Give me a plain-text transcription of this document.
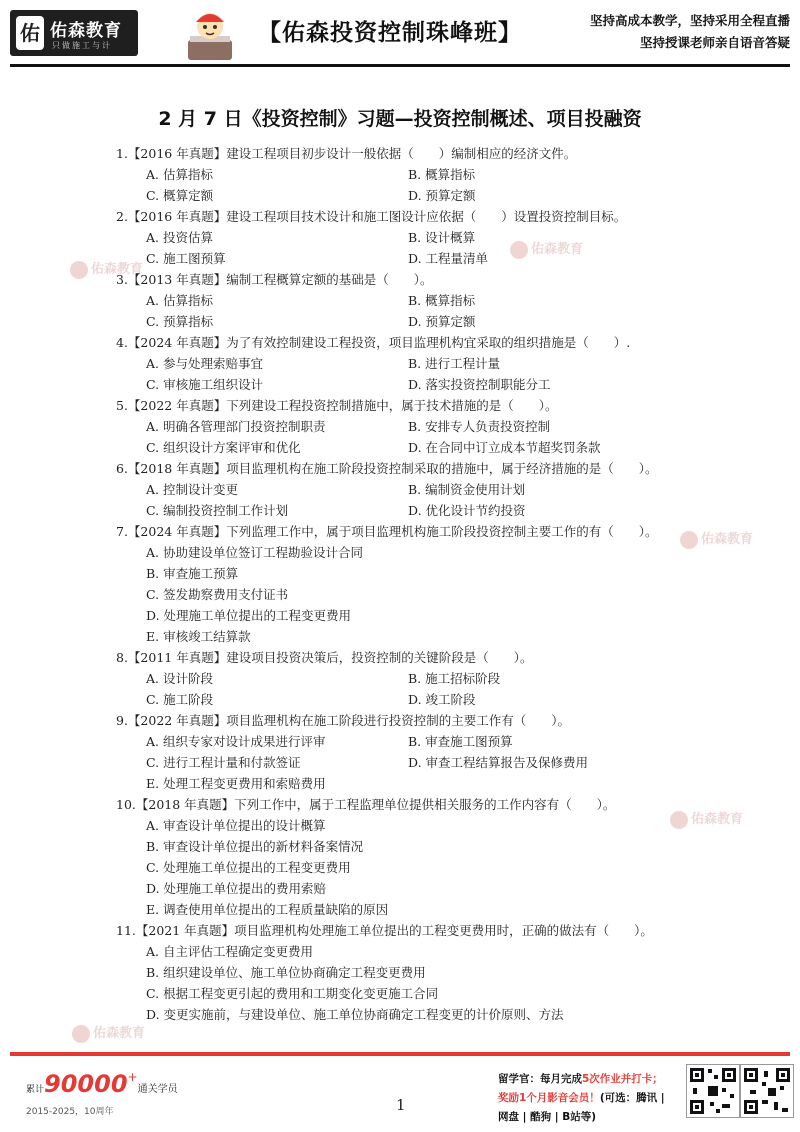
佑 佑森教育
只做施工与计	【佑森投资控制珠峰班】	坚持高成本教学，坚持采用全程直播
坚持授课老师亲自语音答疑
佑森教育
佑森教育
佑森教育
佑森教育
佑森教育
2 月 7 日《投资控制》习题—投资控制概述、项目投融资
1.【2016 年真题】建设工程项目初步设计一般依据（　　）编制相应的经济文件。
A. 估算指标	B. 概算指标
C. 概算定额	D. 预算定额
2.【2016 年真题】建设工程项目技术设计和施工图设计应依据（　　）设置投资控制目标。
A. 投资估算	B. 设计概算
C. 施工图预算	D. 工程量清单
3.【2013 年真题】编制工程概算定额的基础是（　　）。
A. 估算指标	B. 概算指标
C. 预算指标	D. 预算定额
4.【2024 年真题】为了有效控制建设工程投资，项目监理机构宜采取的组织措施是（　　）.
A. 参与处理索赔事宜	B. 进行工程计量
C. 审核施工组织设计	D. 落实投资控制职能分工
5.【2022 年真题】下列建设工程投资控制措施中，属于技术措施的是（　　）。
A. 明确各管理部门投资控制职责	B. 安排专人负责投资控制
C. 组织设计方案评审和优化	D. 在合同中订立成本节超奖罚条款
6.【2018 年真题】项目监理机构在施工阶段投资控制采取的措施中，属于经济措施的是（　　）。
A. 控制设计变更	B. 编制资金使用计划
C. 编制投资控制工作计划	D. 优化设计节约投资
7.【2024 年真题】下列监理工作中，属于项目监理机构施工阶段投资控制主要工作的有（　　）。
A. 协助建设单位签订工程勘验设计合同
B. 审查施工预算
C. 签发勘察费用支付证书
D. 处理施工单位提出的工程变更费用
E. 审核竣工结算款
8.【2011 年真题】建设项目投资决策后，投资控制的关键阶段是（　　）。
A. 设计阶段	B. 施工招标阶段
C. 施工阶段	D. 竣工阶段
9.【2022 年真题】项目监理机构在施工阶段进行投资控制的主要工作有（　　）。
A. 组织专家对设计成果进行评审	B. 审查施工图预算
C. 进行工程计量和付款签证	D. 审查工程结算报告及保修费用
E. 处理工程变更费用和索赔费用
10.【2018 年真题】下列工作中，属于工程监理单位提供相关服务的工作内容有（　　）。
A. 审查设计单位提出的设计概算
B. 审查设计单位提出的新材料备案情况
C. 处理施工单位提出的工程变更费用
D. 处理施工单位提出的费用索赔
E. 调查使用单位提出的工程质量缺陷的原因
11.【2021 年真题】项目监理机构处理施工单位提出的工程变更费用时，正确的做法有（　　）。
A. 自主评估工程确定变更费用
B. 组织建设单位、施工单位协商确定工程变更费用
C. 根据工程变更引起的费用和工期变化变更施工合同
D. 变更实施前，与建设单位、施工单位协商确定工程变更的计价原则、方法
累计90000+通关学员
2015-2025，10周年	1
留学官：每月完成5次作业并打卡；
奖励1个月影音会员！(可选：腾讯 |
网盘 | 酷狗 | B站等)
